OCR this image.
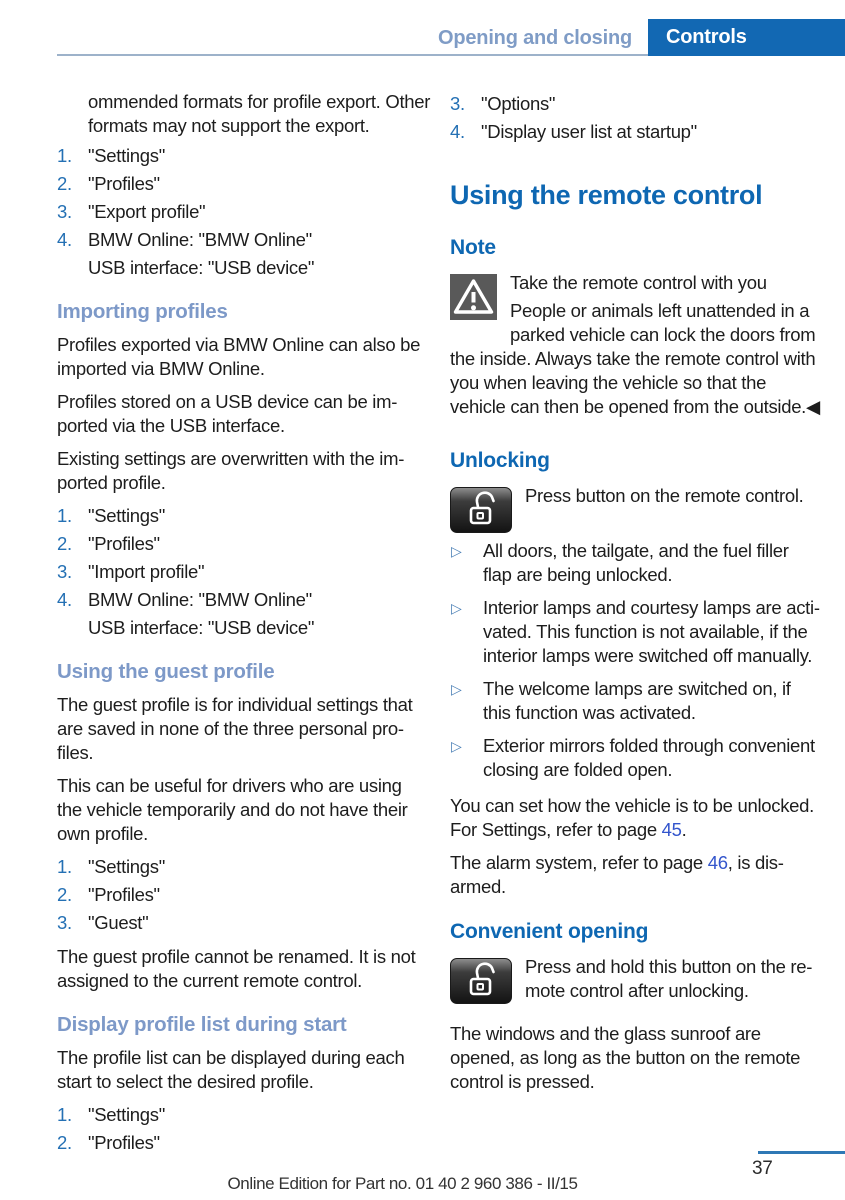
Opening and closing	Controls

ommended formats for profile export. Other formats may not support the export.

1. "Settings"
2. "Profiles"
3. "Export profile"
4. BMW Online: "BMW Online"
USB interface: "USB device"
Importing profiles

Profiles exported via BMW Online can also be imported via BMW Online.

Profiles stored on a USB device can be imported via the USB interface.

Existing settings are overwritten with the imported profile.

1. "Settings"
2. "Profiles"
3. "Import profile"
4. BMW Online: "BMW Online"
USB interface: "USB device"
Using the guest profile

The guest profile is for individual settings that are saved in none of the three personal profiles.

This can be useful for drivers who are using the vehicle temporarily and do not have their own profile.

1. "Settings"
2. "Profiles"
3. "Guest"

The guest profile cannot be renamed. It is not assigned to the current remote control.

Display profile list during start

The profile list can be displayed during each start to select the desired profile.

1. "Settings"
2. "Profiles"
3. "Options"
4. "Display user list at startup"
Using the remote control
Note

Take the remote control with you

People or animals left unattended in a parked vehicle can lock the doors from the inside. Always take the remote control with you when leaving the vehicle so that the vehicle can then be opened from the outside.◀

Unlocking

Press button on the remote control.

▷	All doors, the tailgate, and the fuel filler flap are being unlocked.
▷	Interior lamps and courtesy lamps are activated. This function is not available, if the interior lamps were switched off manually.
▷	The welcome lamps are switched on, if this function was activated.
▷	Exterior mirrors folded through convenient closing are folded open.

You can set how the vehicle is to be unlocked. For Settings, refer to page 45.

The alarm system, refer to page 46, is disarmed.

Convenient opening

Press and hold this button on the remote control after unlocking.

The windows and the glass sunroof are opened, as long as the button on the remote control is pressed.

Online Edition for Part no. 01 40 2 960 386 - II/15
37
